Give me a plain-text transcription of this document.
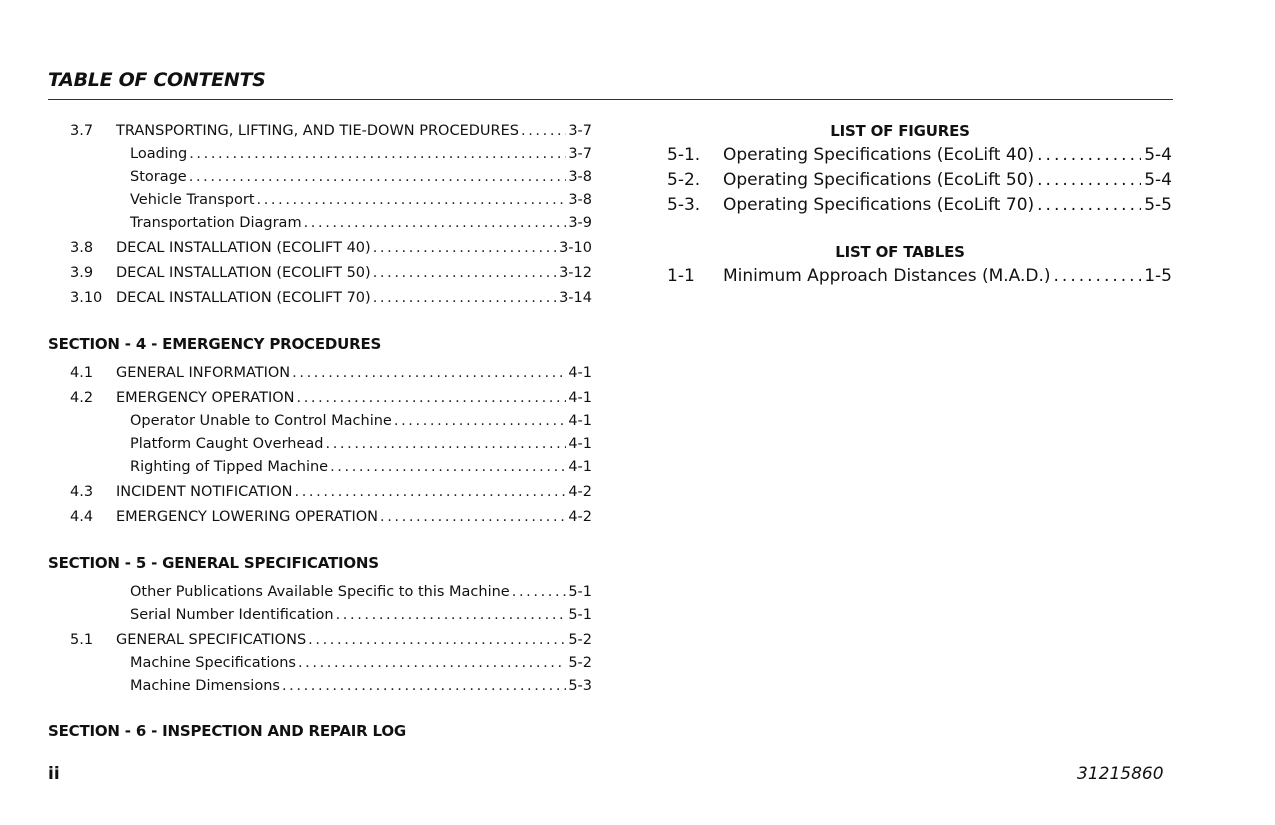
TABLE OF CONTENTS
3.7	TRANSPORTING, LIFTING, AND TIE-DOWN PROCEDURES .....	3-7
Loading .....	3-7
Storage .....	3-8
Vehicle Transport .....	3-8
Transportation Diagram .....	3-9
3.8	DECAL INSTALLATION (ECOLIFT 40) .....	3-10
3.9	DECAL INSTALLATION (ECOLIFT 50) .....	3-12
3.10 DECAL INSTALLATION (ECOLIFT 70) .....	3-14
SECTION - 4 - EMERGENCY PROCEDURES
4.1	GENERAL INFORMATION .....	4-1
4.2	EMERGENCY OPERATION .....	4-1
Operator Unable to Control Machine .....	4-1
Platform Caught Overhead .....	4-1
Righting of Tipped Machine .....	4-1
4.3	INCIDENT NOTIFICATION .....	4-2
4.4	EMERGENCY LOWERING OPERATION .....	4-2
SECTION - 5 - GENERAL SPECIFICATIONS
Other Publications Available Specific to this Machine .....	5-1
Serial Number Identification .....	5-1
5.1	GENERAL SPECIFICATIONS .....	5-2
Machine Specifications .....	5-2
Machine Dimensions .....	5-3
SECTION - 6 - INSPECTION AND REPAIR LOG
LIST OF FIGURES
5-1.	Operating Specifications (EcoLift 40) .....	5-4
5-2.	Operating Specifications (EcoLift 50) .....	5-4
5-3.	Operating Specifications (EcoLift 70) .....	5-5
LIST OF TABLES
1-1	Minimum Approach Distances (M.A.D.) .....	1-5
ii	31215860
